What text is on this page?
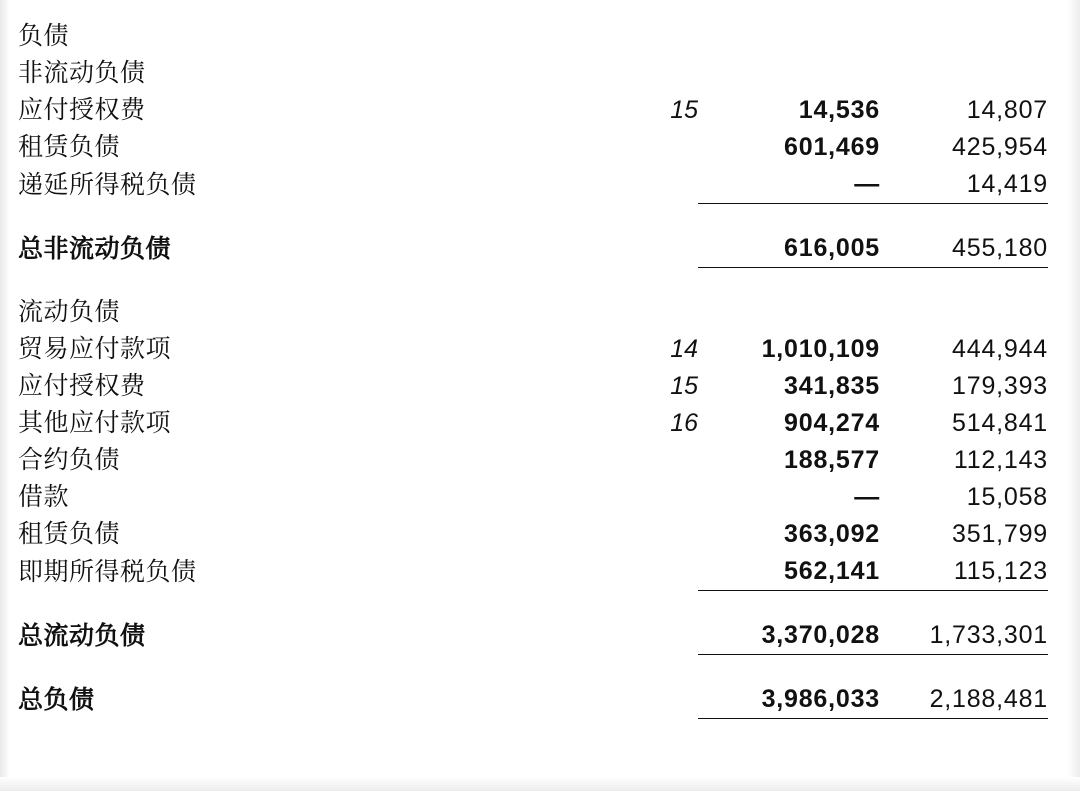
负债			
非流动负债			
应付授权费	15	14,536	14,807
租赁负债		601,469	425,954
递延所得税负债		—	14,419

总非流动负债		616,005	455,180

流动负债			
贸易应付款项	14	1,010,109	444,944
应付授权费	15	341,835	179,393
其他应付款项	16	904,274	514,841
合约负债		188,577	112,143
借款		—	15,058
租赁负债		363,092	351,799
即期所得税负债		562,141	115,123

总流动负债		3,370,028	1,733,301

总负债		3,986,033	2,188,481
